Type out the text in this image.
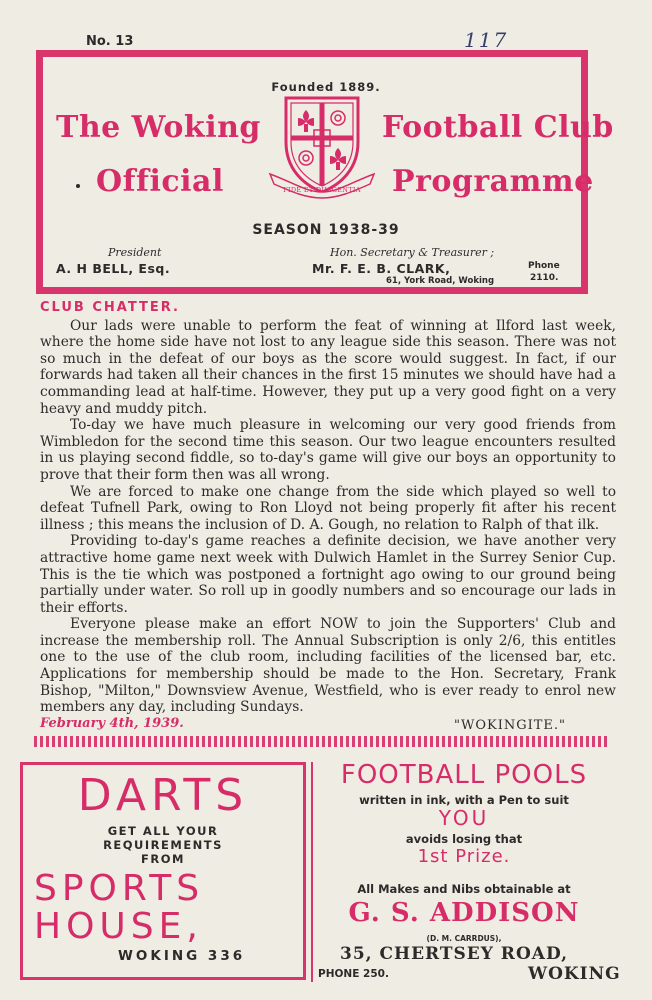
No. 13	117
Founded 1889.
The Woking	Football Club
Official	Programme
FIDE ET DILIGENTIA
SEASON 1938-39
President
A. H BELL, Esq.
Hon. Secretary & Treasurer ;
Mr. F. E. B. CLARK,
61, York Road, Woking
Phone
2110.
CLUB CHATTER.

Our lads were unable to perform the feat of winning at Ilford last week, where the home side have not lost to any league side this season. There was not so much in the defeat of our boys as the score would suggest. In fact, if our forwards had taken all their chances in the first 15 minutes we should have had a commanding lead at half-time. However, they put up a very good fight on a very heavy and muddy pitch.

To-day we have much pleasure in welcoming our very good friends from Wimbledon for the second time this season. Our two league encounters resulted in us playing second fiddle, so to-day's game will give our boys an opportunity to prove that their form then was all wrong.

We are forced to make one change from the side which played so well to defeat Tufnell Park, owing to Ron Lloyd not being properly fit after his recent illness ; this means the inclusion of D. A. Gough, no relation to Ralph of that ilk.

Providing to-day's game reaches a definite decision, we have another very attractive home game next week with Dulwich Hamlet in the Surrey Senior Cup. This is the tie which was postponed a fortnight ago owing to our ground being partially under water. So roll up in goodly numbers and so encourage our lads in their efforts.

Everyone please make an effort NOW to join the Supporters' Club and increase the membership roll. The Annual Subscription is only 2/6, this entitles one to the use of the club room, including facilities of the licensed bar, etc. Applications for membership should be made to the Hon. Secretary, Frank Bishop, "Milton," Downsview Avenue, Westfield, who is ever ready to enrol new members any day, including Sundays.

February 4th, 1939.	"WOKINGITE."
DARTS
GET ALL YOUR
REQUIREMENTS
FROM
SPORTS
HOUSE,
WOKING 336
FOOTBALL POOLS
written in ink, with a Pen to suit
YOU
avoids losing that
1st Prize.
All Makes and Nibs obtainable at
G. S. ADDISON
(D. M. CARRDUS),
35, CHERTSEY ROAD,
PHONE 250.	WOKING
